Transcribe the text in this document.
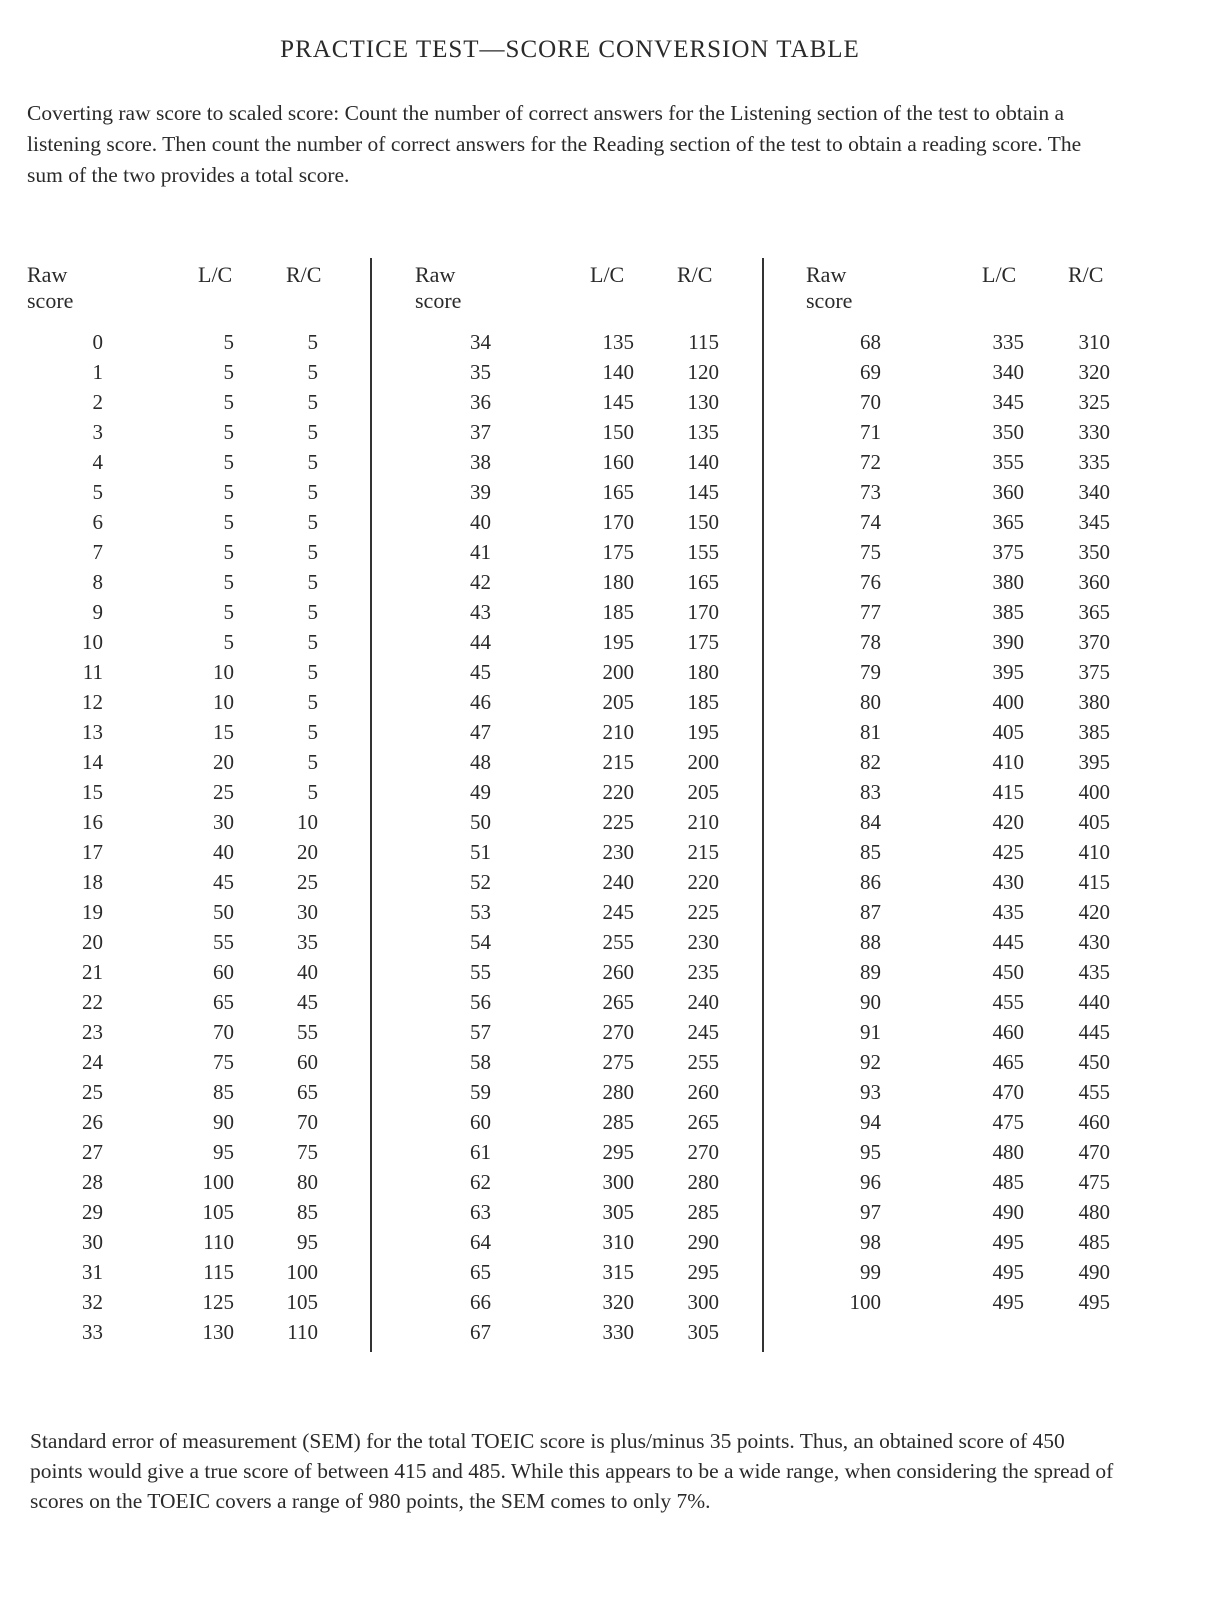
PRACTICE TEST—SCORE CONVERSION TABLE
Coverting raw score to scaled score: Count the number of correct answers for the Listening section of the test to obtain a listening score. Then count the number of correct answers for the Reading section of the test to obtain a reading score. The sum of the two provides a total score.
Raw score
L/C R/C
0	5	5
1	5	5
2	5	5
3	5	5
4	5	5
5	5	5
6	5	5
7	5	5
8	5	5
9	5	5
10	5	5
11	10	5
12	10	5
13	15	5
14	20	5
15	25	5
16	30	10
17	40	20
18	45	25
19	50	30
20	55	35
21	60	40
22	65	45
23	70	55
24	75	60
25	85	65
26	90	70
27	95	75
28	100	80
29	105	85
30	110	95
31	115	100
32	125	105
33	130	110
Raw score
L/C R/C
34	135	115
35	140	120
36	145	130
37	150	135
38	160	140
39	165	145
40	170	150
41	175	155
42	180	165
43	185	170
44	195	175
45	200	180
46	205	185
47	210	195
48	215	200
49	220	205
50	225	210
51	230	215
52	240	220
53	245	225
54	255	230
55	260	235
56	265	240
57	270	245
58	275	255
59	280	260
60	285	265
61	295	270
62	300	280
63	305	285
64	310	290
65	315	295
66	320	300
67	330	305
Raw score
L/C R/C
68	335	310
69	340	320
70	345	325
71	350	330
72	355	335
73	360	340
74	365	345
75	375	350
76	380	360
77	385	365
78	390	370
79	395	375
80	400	380
81	405	385
82	410	395
83	415	400
84	420	405
85	425	410
86	430	415
87	435	420
88	445	430
89	450	435
90	455	440
91	460	445
92	465	450
93	470	455
94	475	460
95	480	470
96	485	475
97	490	480
98	495	485
99	495	490
100	495	495
Standard error of measurement (SEM) for the total TOEIC score is plus/minus 35 points. Thus, an obtained score of 450 points would give a true score of between 415 and 485. While this appears to be a wide range, when considering the spread of scores on the TOEIC covers a range of 980 points, the SEM comes to only 7%.
